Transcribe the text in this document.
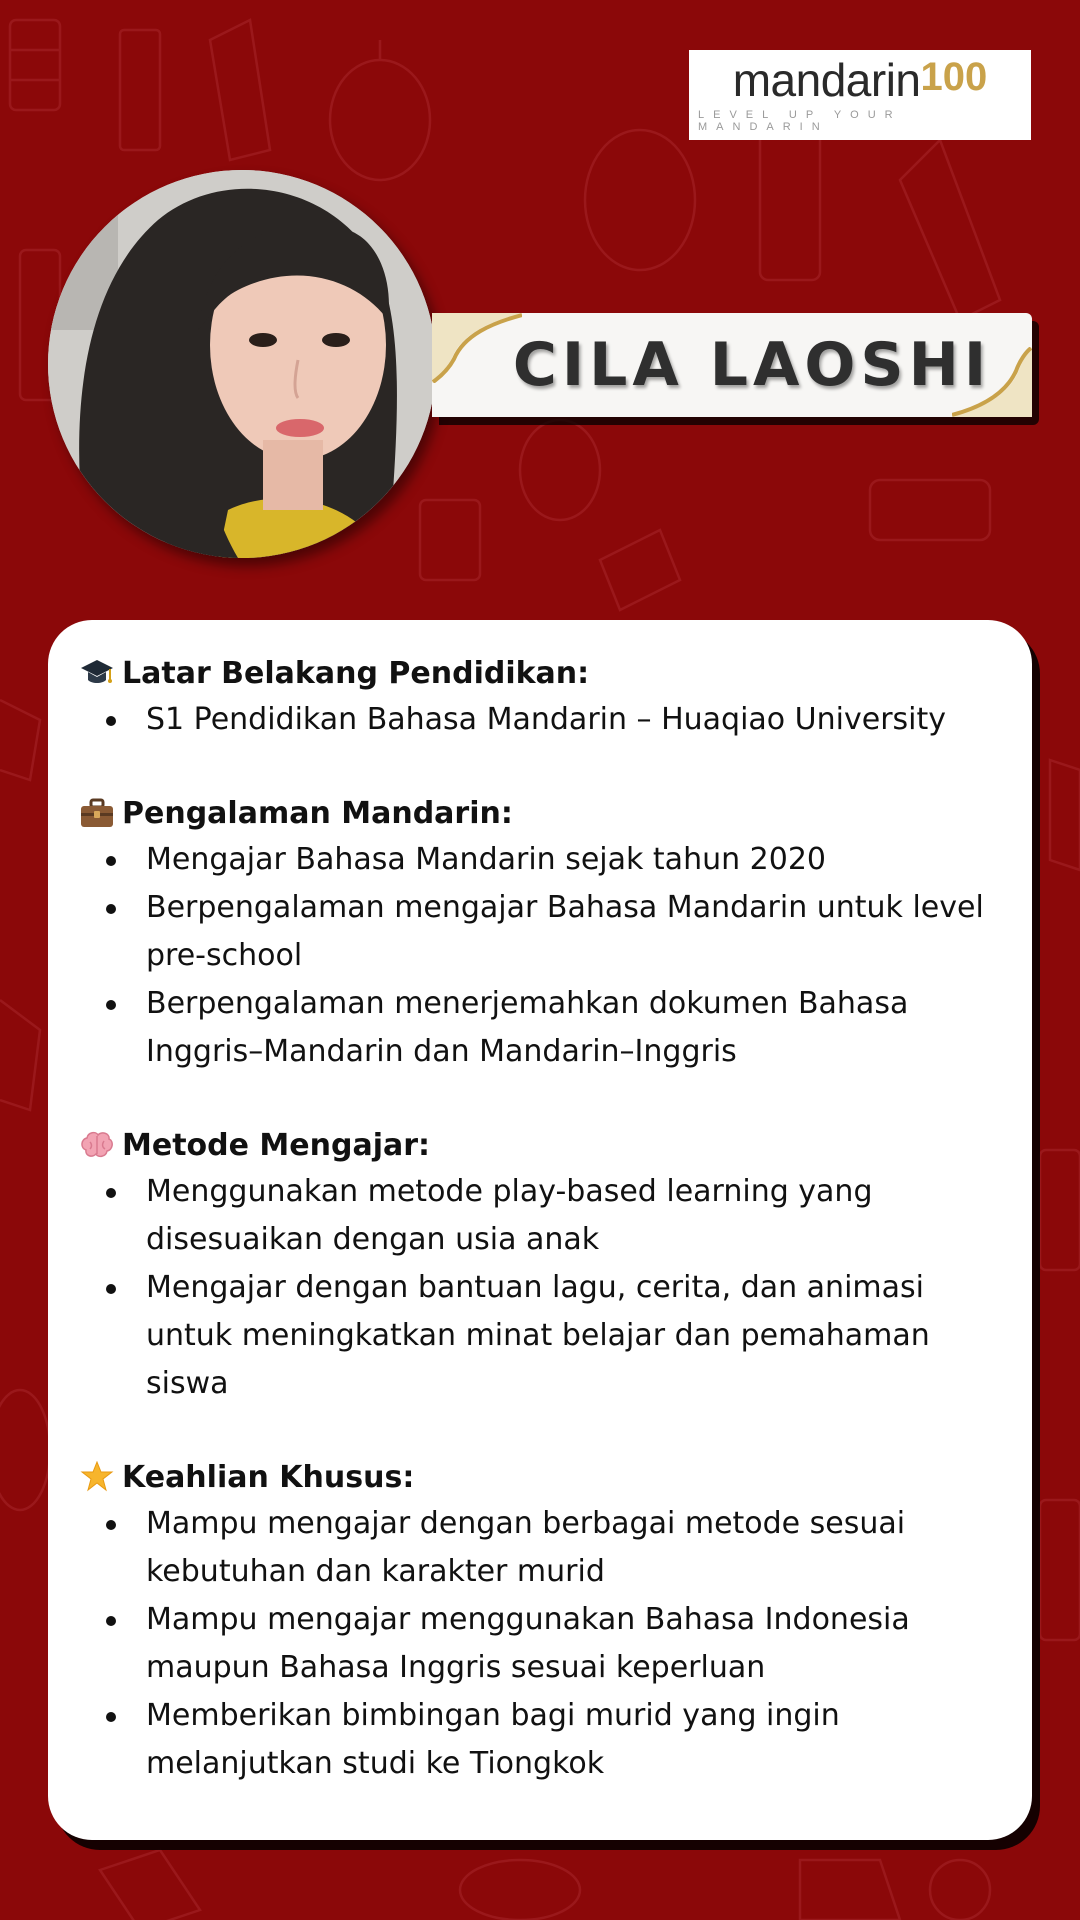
mandarin 100
LEVEL UP YOUR MANDARIN
CILA LAOSHI
Latar Belakang Pendidikan:
S1 Pendidikan Bahasa Mandarin – Huaqiao University
Pengalaman Mandarin:
Mengajar Bahasa Mandarin sejak tahun 2020
Berpengalaman mengajar Bahasa Mandarin untuk level pre-school
Berpengalaman menerjemahkan dokumen Bahasa Inggris–Mandarin dan Mandarin–Inggris
Metode Mengajar:
Menggunakan metode play-based learning yang disesuaikan dengan usia anak
Mengajar dengan bantuan lagu, cerita, dan animasi untuk meningkatkan minat belajar dan pemahaman siswa
Keahlian Khusus:
Mampu mengajar dengan berbagai metode sesuai kebutuhan dan karakter murid
Mampu mengajar menggunakan Bahasa Indonesia maupun Bahasa Inggris sesuai keperluan
Memberikan bimbingan bagi murid yang ingin melanjutkan studi ke Tiongkok
